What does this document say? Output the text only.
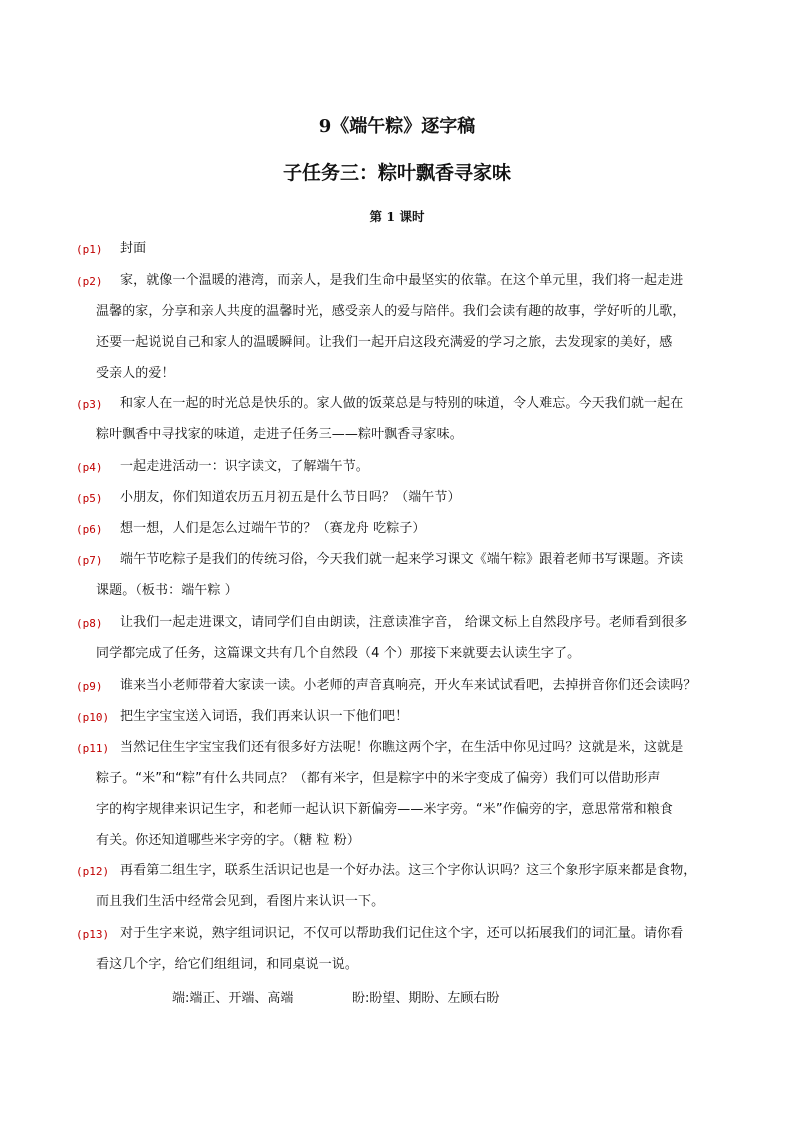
9《端午粽》逐字稿
子任务三：粽叶飘香寻家味
第 1 课时
(p1) 封面
(p2) 家，就像一个温暖的港湾，而亲人，是我们生命中最坚实的依靠。在这个单元里，我们将一起走进
温馨的家，分享和亲人共度的温馨时光，感受亲人的爱与陪伴。我们会读有趣的故事，学好听的儿歌，
还要一起说说自己和家人的温暖瞬间。让我们一起开启这段充满爱的学习之旅，去发现家的美好，感
受亲人的爱！
(p3) 和家人在一起的时光总是快乐的。家人做的饭菜总是与特别的味道，令人难忘。今天我们就一起在
粽叶飘香中寻找家的味道，走进子任务三——粽叶飘香寻家味。
(p4) 一起走进活动一：识字读文，了解端午节。
(p5) 小朋友，你们知道农历五月初五是什么节日吗？（端午节）
(p6) 想一想，人们是怎么过端午节的？（赛龙舟 吃粽子）
(p7) 端午节吃粽子是我们的传统习俗，今天我们就一起来学习课文《端午粽》跟着老师书写课题。齐读
课题。（板书：端午粽 ）
(p8) 让我们一起走进课文，请同学们自由朗读，注意读准字音， 给课文标上自然段序号。老师看到很多
同学都完成了任务，这篇课文共有几个自然段（4 个）那接下来就要去认读生字了。
(p9) 谁来当小老师带着大家读一读。小老师的声音真响亮，开火车来试试看吧，去掉拼音你们还会读吗？
(p10) 把生字宝宝送入词语，我们再来认识一下他们吧！
(p11) 当然记住生字宝宝我们还有很多好方法呢！你瞧这两个字，在生活中你见过吗？这就是米，这就是
粽子。“米”和“粽”有什么共同点？（都有米字，但是粽字中的米字变成了偏旁）我们可以借助形声
字的构字规律来识记生字，和老师一起认识下新偏旁——米字旁。“米”作偏旁的字，意思常常和粮食
有关。你还知道哪些米字旁的字。（糖 粒 粉）
(p12) 再看第二组生字，联系生活识记也是一个好办法。这三个字你认识吗？这三个象形字原来都是食物，
而且我们生活中经常会见到，看图片来认识一下。
(p13) 对于生字来说，熟字组词识记，不仅可以帮助我们记住这个字，还可以拓展我们的词汇量。请你看
看这几个字，给它们组组词，和同桌说一说。
端:端正、开端、高端	盼:盼望、期盼、左顾右盼
